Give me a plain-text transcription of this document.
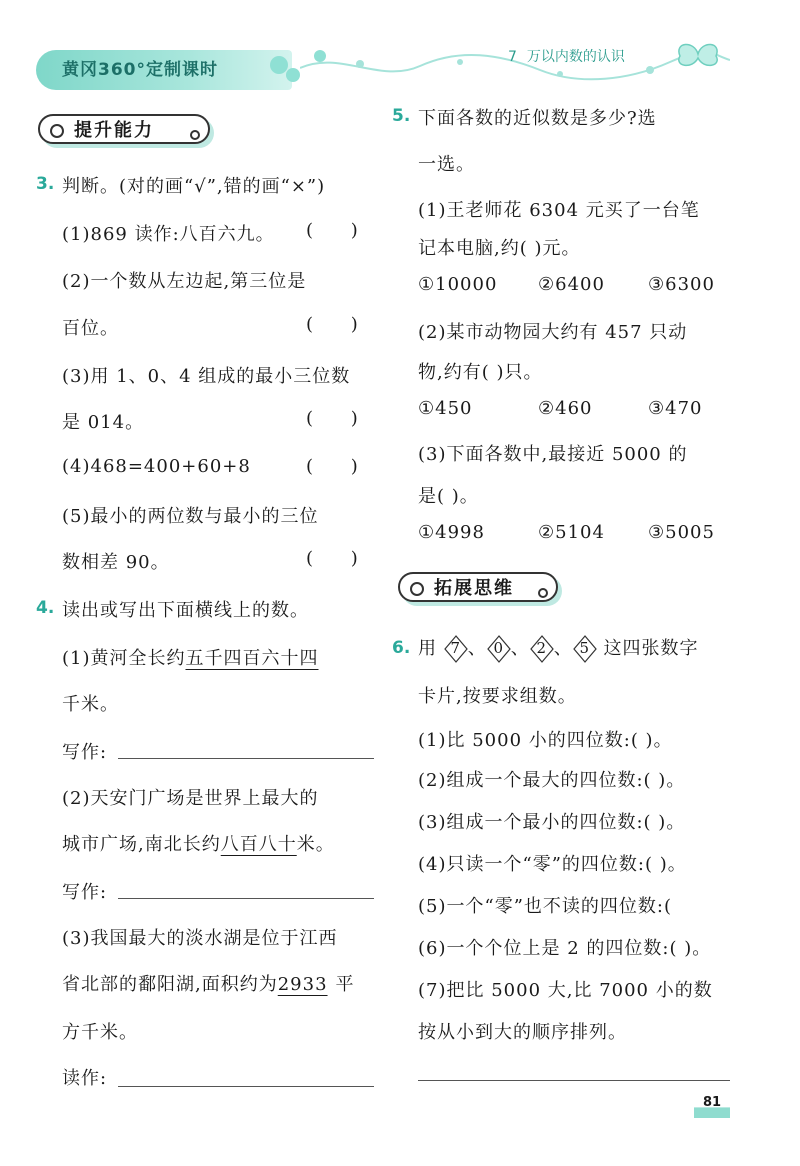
黄冈360°定制课时
7 万以内数的认识
提升能力
3. 判断。(对的画“√”,错的画“×”)
(1)869 读作:八百六九。 ( )
(2)一个数从左边起,第三位是
百位。	( )
(3)用 1、0、4 组成的最小三位数
是 014。	( )
(4)468=400+60+8	( )
(5)最小的两位数与最小的三位
数相差 90。	( )
4. 读出或写出下面横线上的数。
(1)黄河全长约五千四百六十四
千米。
写作:
(2)天安门广场是世界上最大的
城市广场,南北长约八百八十米。
写作:
(3)我国最大的淡水湖是位于江西
省北部的鄱阳湖,面积约为2933 平
方千米。
读作:
5. 下面各数的近似数是多少?选
一选。
(1)王老师花 6304 元买了一台笔
记本电脑,约( )元。
①10000 ②6400 ③6300
(2)某市动物园大约有 457 只动
物,约有( )只。
①450	②460	③470
(3)下面各数中,最接近 5000 的
是( )。
①4998	②5104 ③5005
拓展思维
6. 用 7 、 0 、 2 、 5 这四张数字
卡片,按要求组数。
(1)比 5000 小的四位数:( )。
(2)组成一个最大的四位数:( )。
(3)组成一个最小的四位数:( )。
(4)只读一个“零”的四位数:( )。
(5)一个“零”也不读的四位数:(
(6)一个个位上是 2 的四位数:( )。
(7)把比 5000 大,比 7000 小的数
按从小到大的顺序排列。
81
